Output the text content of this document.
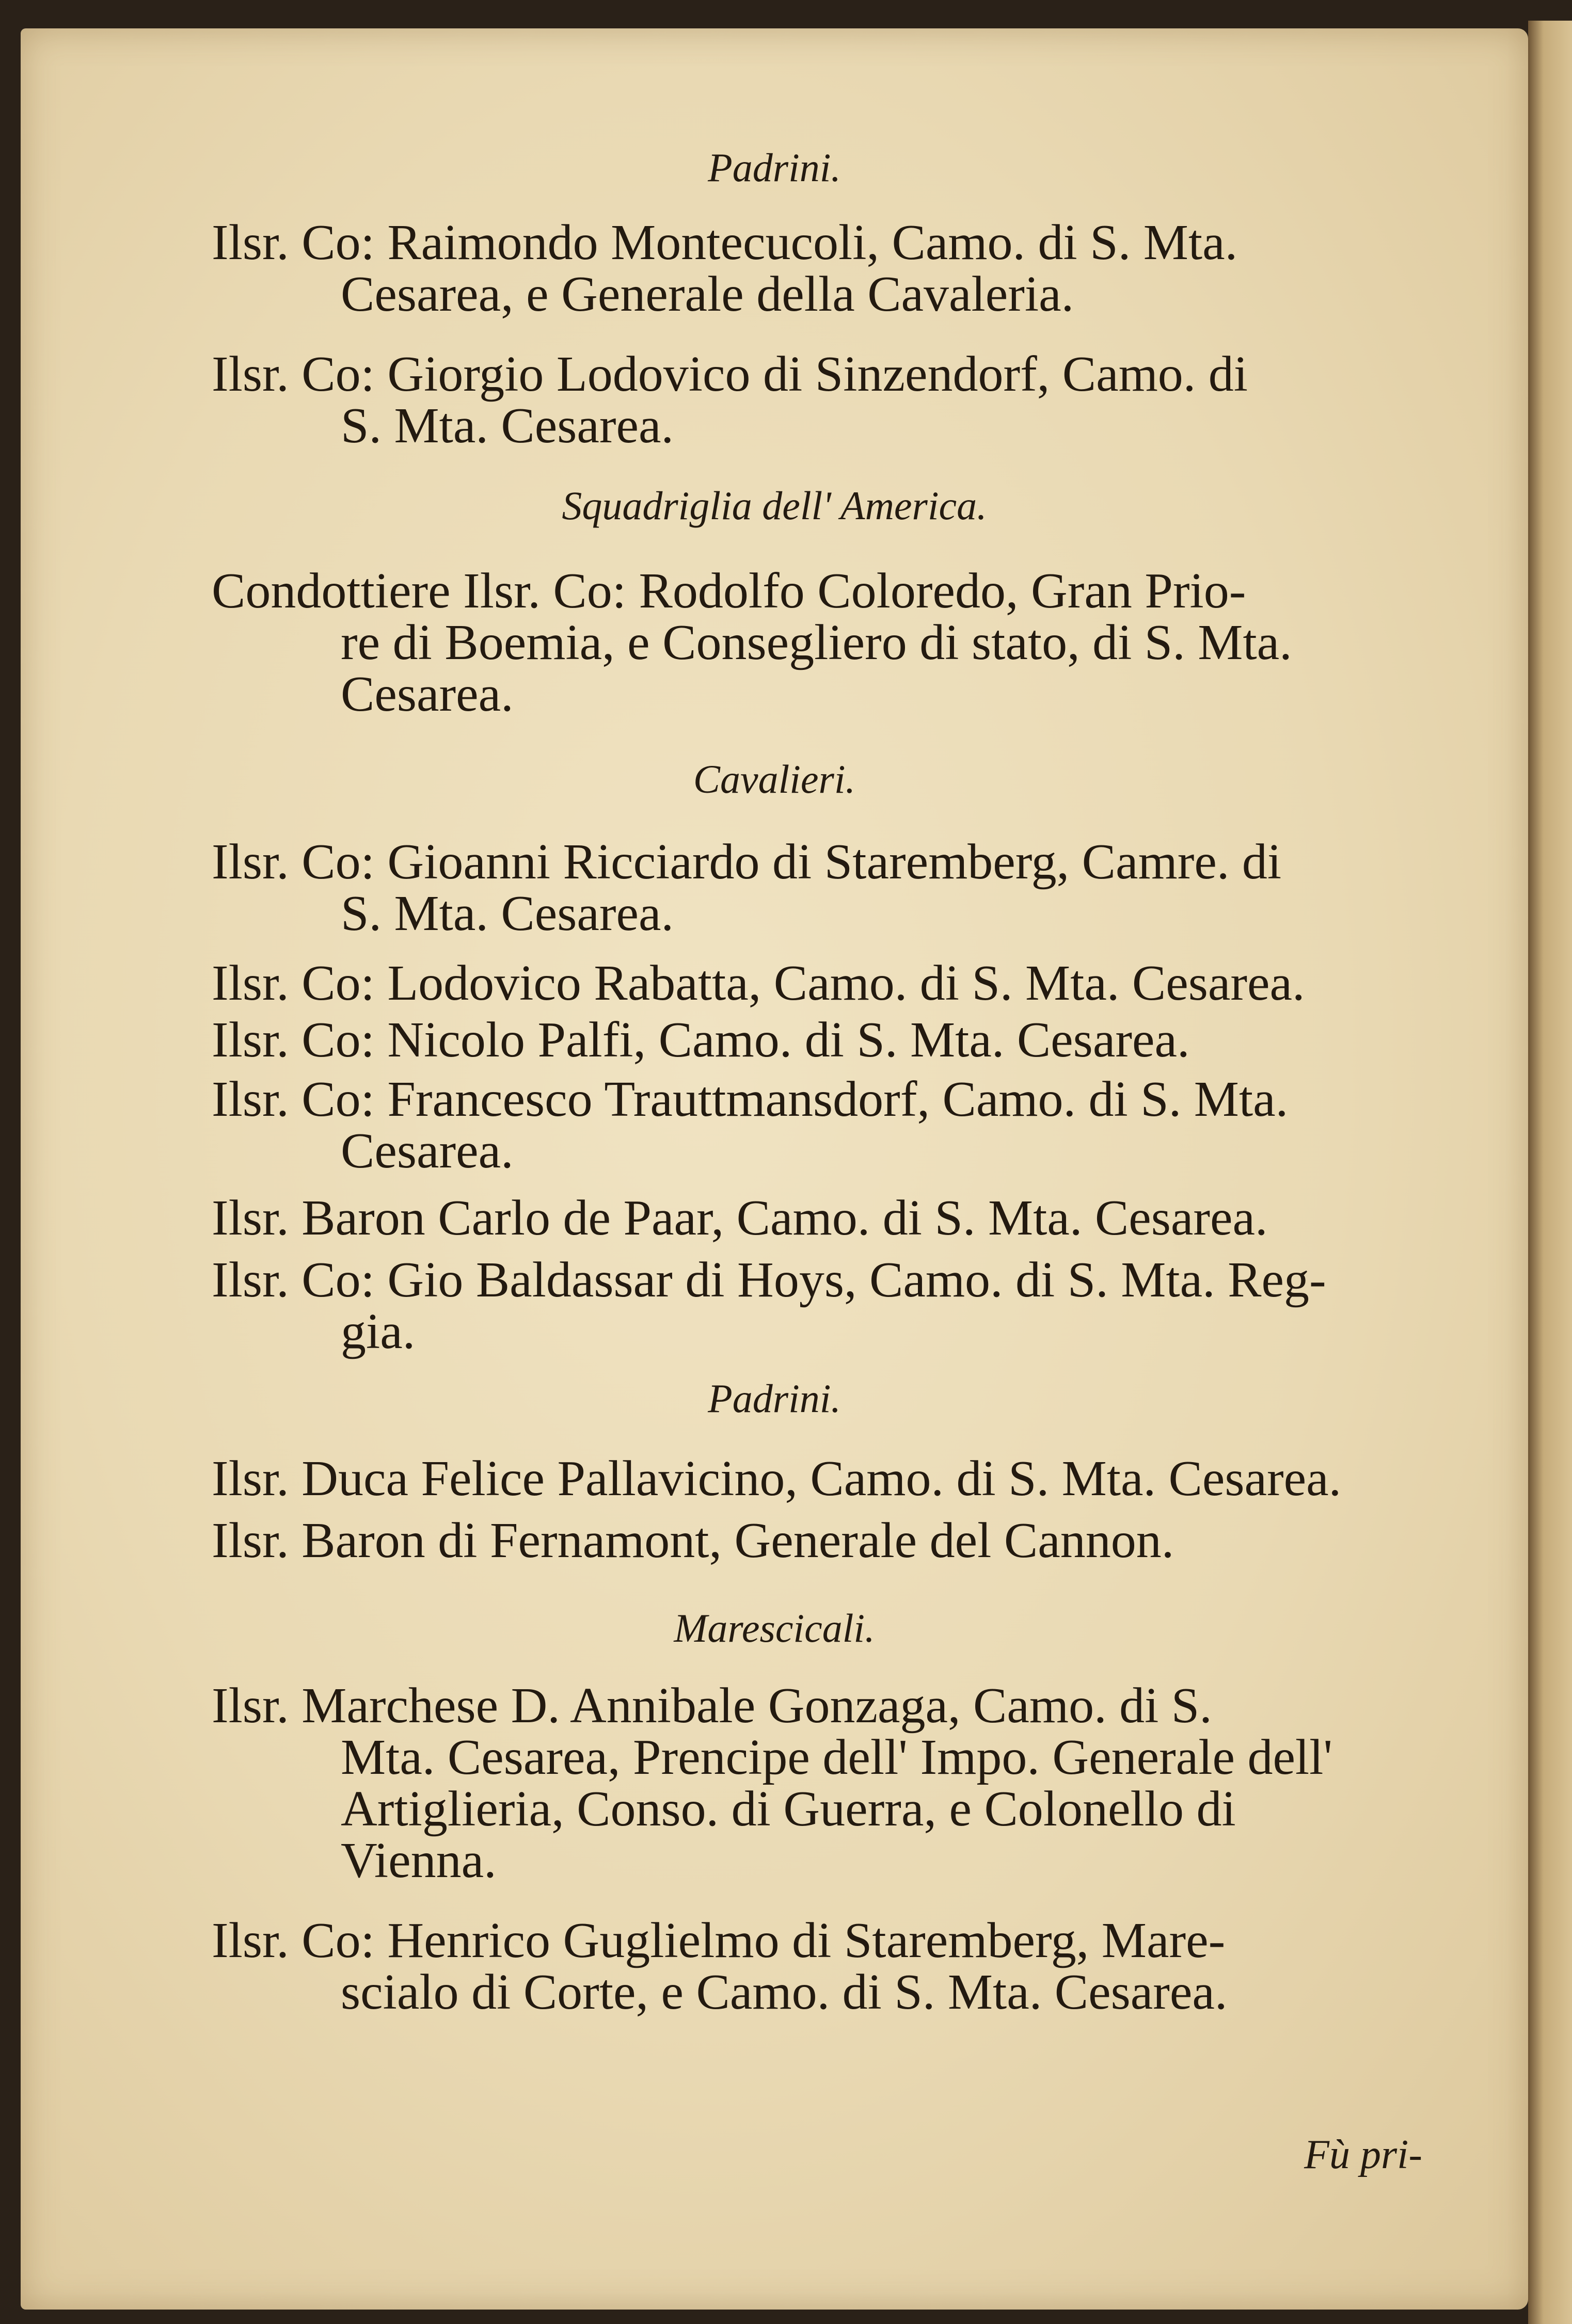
Padrini.
Ilsr. Co: Raimondo Montecucoli, Camo. di S. Mta.
Cesarea, e Generale della Cavaleria.
Ilsr. Co: Giorgio Lodovico di Sinzendorf, Camo. di
S. Mta. Cesarea.
Squadriglia dell' America.
Condottiere Ilsr. Co: Rodolfo Coloredo, Gran Prio-
re di Boemia, e Consegliero di stato, di S. Mta.
Cesarea.
Cavalieri.
Ilsr. Co: Gioanni Ricciardo di Staremberg, Camre. di
S. Mta. Cesarea.
Ilsr. Co: Lodovico Rabatta, Camo. di S. Mta. Cesarea.
Ilsr. Co: Nicolo Palfi, Camo. di S. Mta. Cesarea.
Ilsr. Co: Francesco Trauttmansdorf, Camo. di S. Mta.
Cesarea.
Ilsr. Baron Carlo de Paar, Camo. di S. Mta. Cesarea.
Ilsr. Co: Gio Baldassar di Hoys, Camo. di S. Mta. Reg-
gia.
Padrini.
Ilsr. Duca Felice Pallavicino, Camo. di S. Mta. Cesarea.
Ilsr. Baron di Fernamont, Generale del Cannon.
Marescicali.
Ilsr. Marchese D. Annibale Gonzaga, Camo. di S.
Mta. Cesarea, Prencipe dell' Impo. Generale dell'
Artiglieria, Conso. di Guerra, e Colonello di
Vienna.
Ilsr. Co: Henrico Guglielmo di Staremberg, Mare-
scialo di Corte, e Camo. di S. Mta. Cesarea.
Fù pri-
